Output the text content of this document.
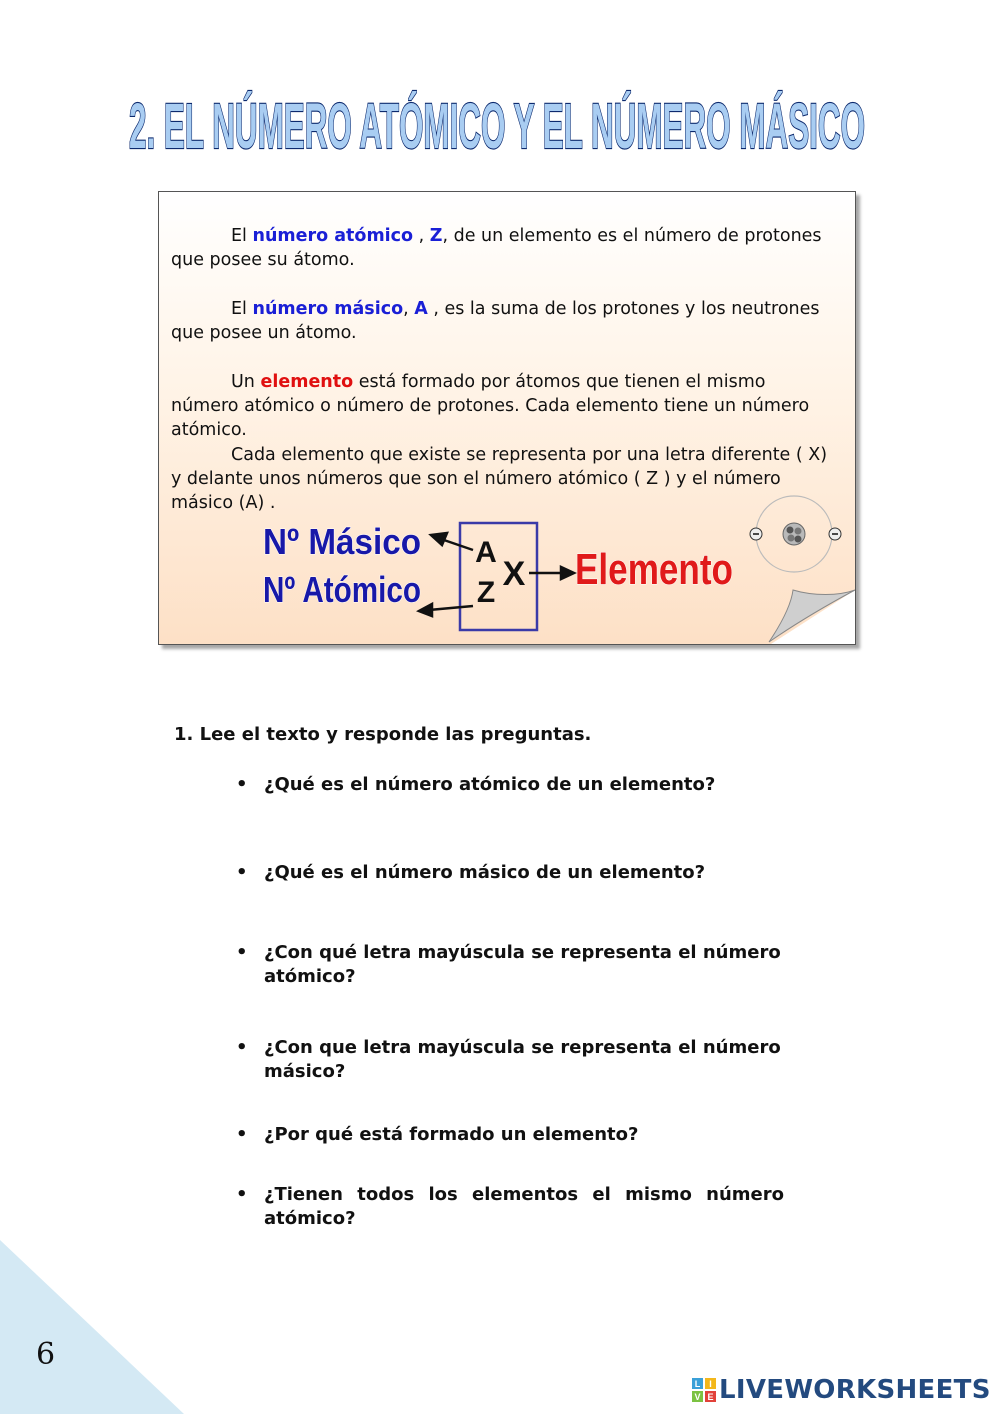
2. EL NÚMERO ATÓMICO Y EL NÚMERO MÁSICO
El número atómico , Z, de un elemento es el número de protones que posee su átomo.
El número másico, A , es la suma de los protones y los neutrones que posee un átomo.
Un elemento está formado por átomos que tienen el mismo número atómico o número de protones. Cada elemento tiene un número atómico.
Cada elemento que existe se representa por una letra diferente ( X) y delante unos números que son el número atómico ( Z ) y el número másico (A) .
Nº Másico
Nº Atómico
A
Z X Elemento
1. Lee el texto y responde las preguntas.
• ¿Qué es el número atómico de un elemento?
• ¿Qué es el número másico de un elemento?
• ¿Con qué letra mayúscula se representa el número atómico?
• ¿Con que letra mayúscula se representa el número másico?
• ¿Por qué está formado un elemento?
• ¿Tienen todos los elementos el mismo número atómico?
6
L I
V E LIVEWORKSHEETS
